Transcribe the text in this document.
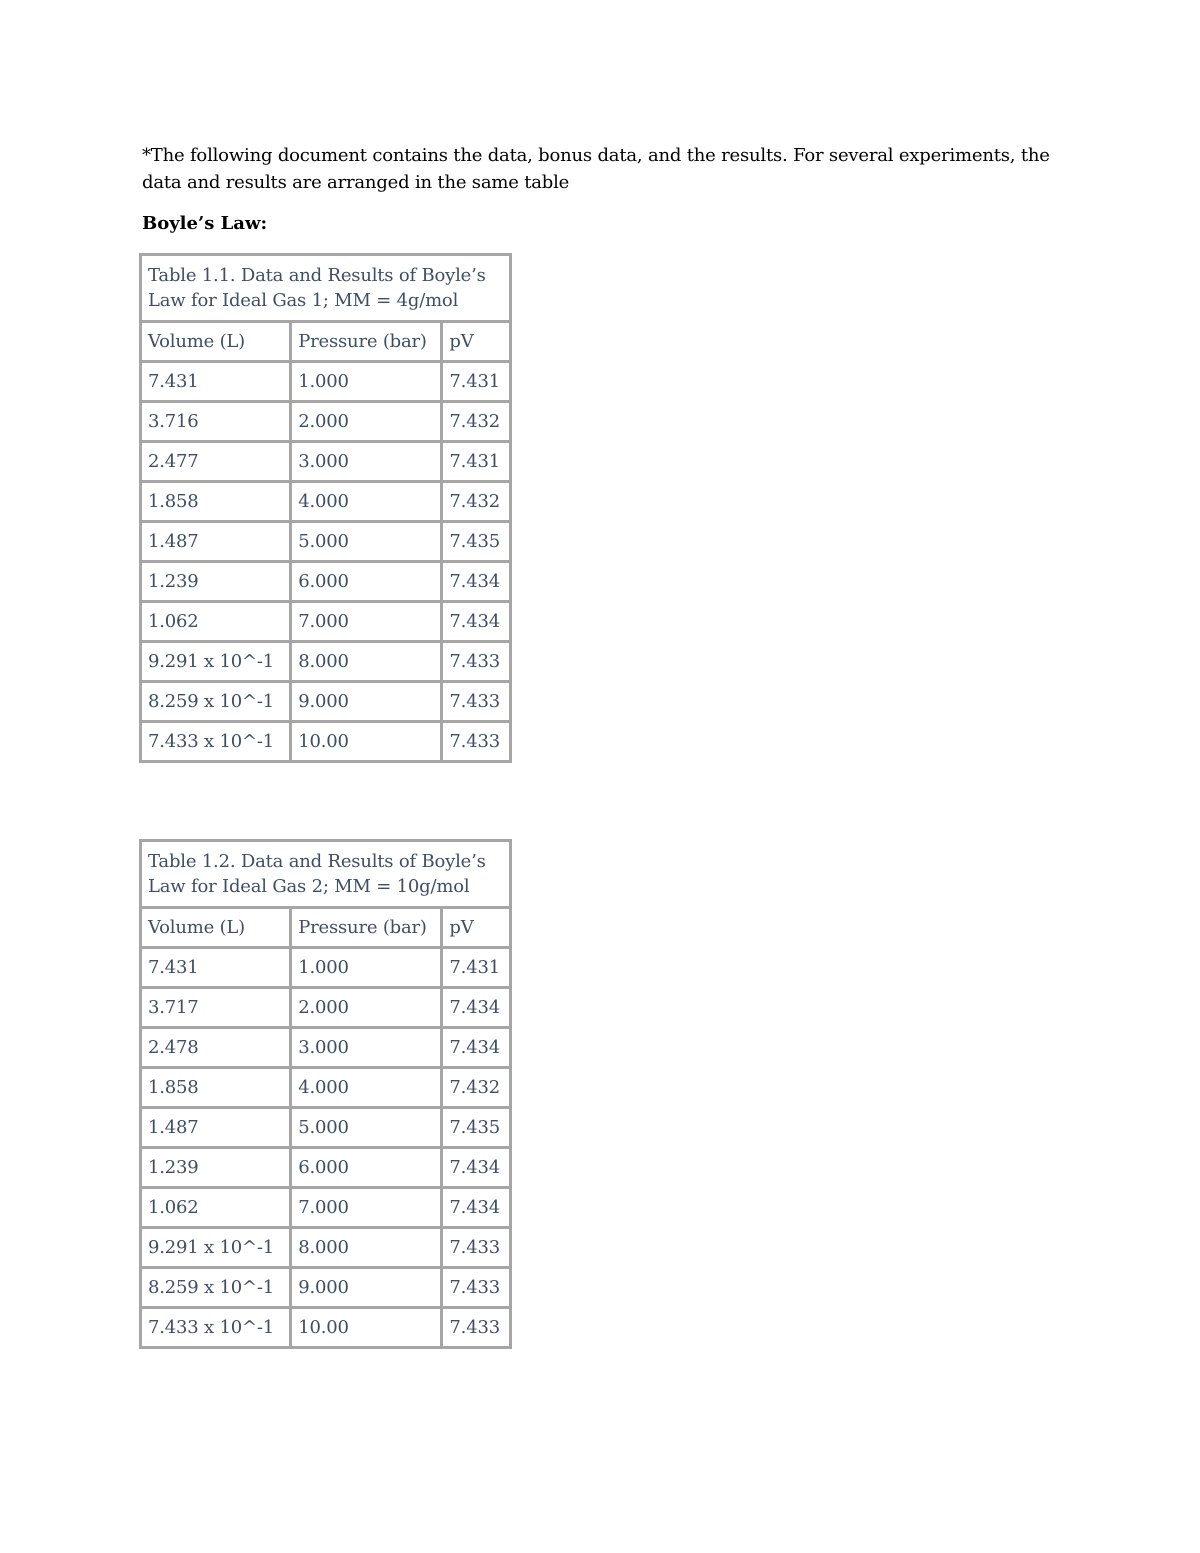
*The following document contains the data, bonus data, and the results. For several experiments, the data and results are arranged in the same table
Boyle’s Law:
Table 1.1. Data and Results of Boyle’s Law for Ideal Gas 1; MM = 4g/mol		
Volume (L)	Pressure (bar)	pV
7.431	1.000	7.431
3.716	2.000	7.432
2.477	3.000	7.431
1.858	4.000	7.432
1.487	5.000	7.435
1.239	6.000	7.434
1.062	7.000	7.434
9.291 x 10^-1	8.000	7.433
8.259 x 10^-1	9.000	7.433
7.433 x 10^-1	10.00	7.433
Table 1.2. Data and Results of Boyle’s Law for Ideal Gas 2; MM = 10g/mol		
Volume (L)	Pressure (bar)	pV
7.431	1.000	7.431
3.717	2.000	7.434
2.478	3.000	7.434
1.858	4.000	7.432
1.487	5.000	7.435
1.239	6.000	7.434
1.062	7.000	7.434
9.291 x 10^-1	8.000	7.433
8.259 x 10^-1	9.000	7.433
7.433 x 10^-1	10.00	7.433
